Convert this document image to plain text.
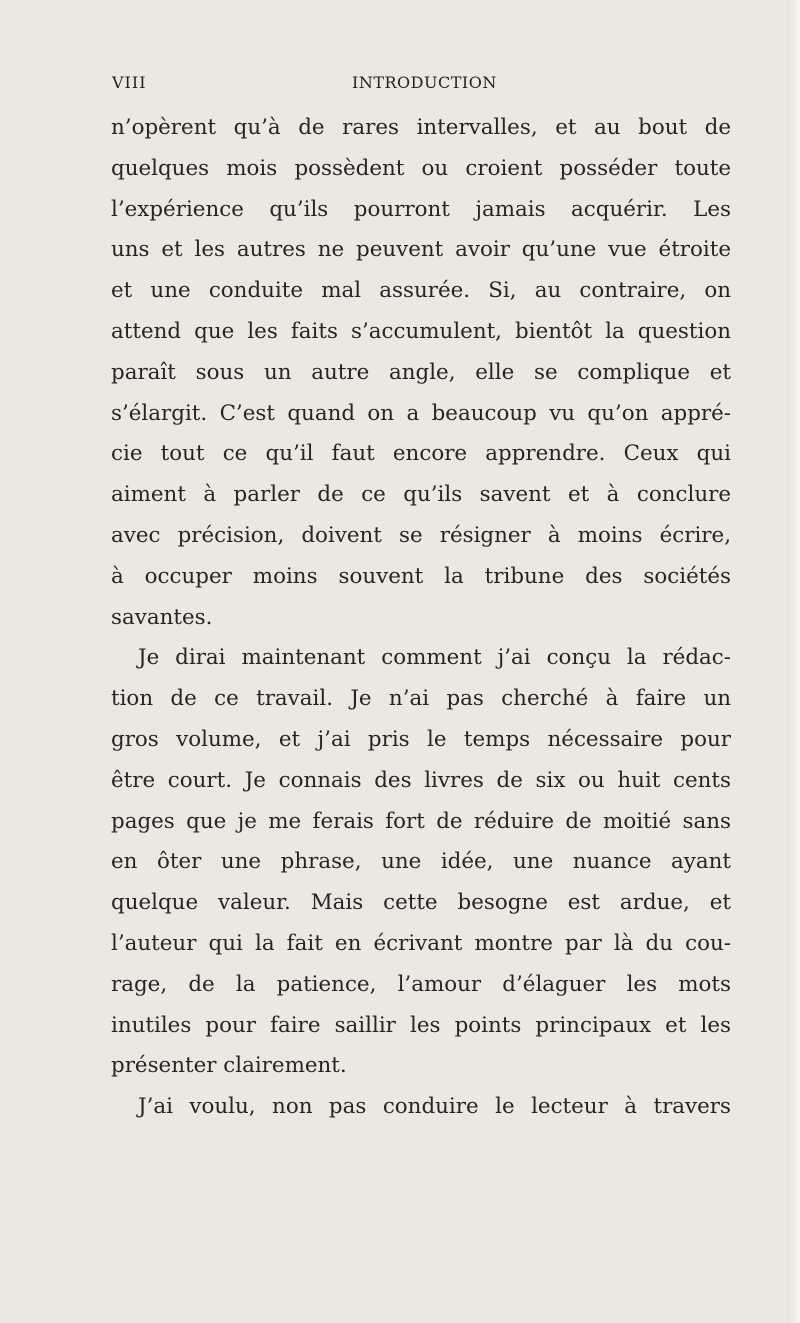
VIII	INTRODUCTION
n’opèrent qu’à de rares intervalles, et au bout de
quelques mois possèdent ou croient posséder toute
l’expérience qu’ils pourront jamais acquérir. Les
uns et les autres ne peuvent avoir qu’une vue étroite
et une conduite mal assurée. Si, au contraire, on
attend que les faits s’accumulent, bientôt la question
paraît sous un autre angle, elle se complique et
s’élargit. C’est quand on a beaucoup vu qu’on appré-
cie tout ce qu’il faut encore apprendre. Ceux qui
aiment à parler de ce qu’ils savent et à conclure
avec précision, doivent se résigner à moins écrire,
à occuper moins souvent la tribune des sociétés
savantes.
Je dirai maintenant comment j’ai conçu la rédac-
tion de ce travail. Je n’ai pas cherché à faire un
gros volume, et j’ai pris le temps nécessaire pour
être court. Je connais des livres de six ou huit cents
pages que je me ferais fort de réduire de moitié sans
en ôter une phrase, une idée, une nuance ayant
quelque valeur. Mais cette besogne est ardue, et
l’auteur qui la fait en écrivant montre par là du cou-
rage, de la patience, l’amour d’élaguer les mots
inutiles pour faire saillir les points principaux et les
présenter clairement.
J’ai voulu, non pas conduire le lecteur à travers
